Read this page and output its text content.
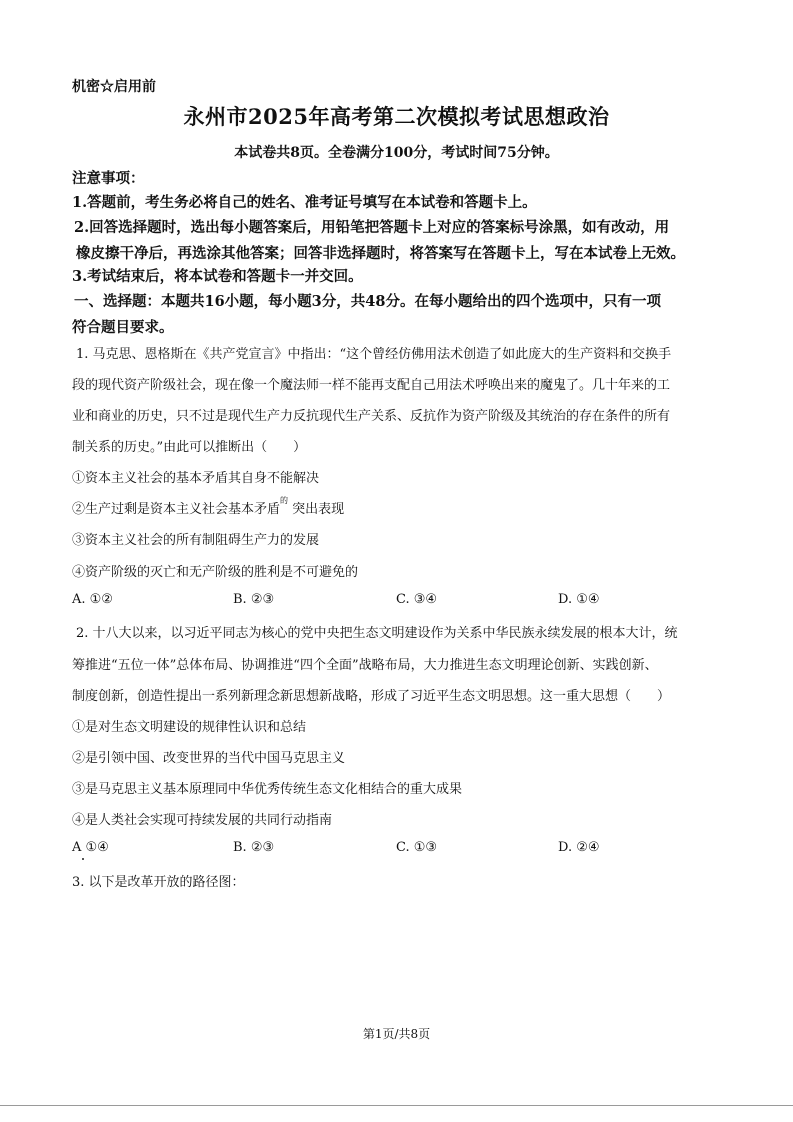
机密☆启用前
永州市2025年高考第二次模拟考试思想政治
本试卷共8页。全卷满分100分，考试时间75分钟。
注意事项：
1.答题前，考生务必将自己的姓名、准考证号填写在本试卷和答题卡上。
2.回答选择题时，选出每小题答案后，用铅笔把答题卡上对应的答案标号涂黑，如有改动，用
橡皮擦干净后，再选涂其他答案；回答非选择题时，将答案写在答题卡上，写在本试卷上无效。
3.考试结束后，将本试卷和答题卡一并交回。
一、选择题：本题共16小题，每小题3分，共48分。在每小题给出的四个选项中，只有一项
符合题目要求。
1. 马克思、恩格斯在《共产党宣言》中指出：“这个曾经仿佛用法术创造了如此庞大的生产资料和交换手
段的现代资产阶级社会，现在像一个魔法师一样不能再支配自己用法术呼唤出来的魔鬼了。几十年来的工
业和商业的历史，只不过是现代生产力反抗现代生产关系、反抗作为资产阶级及其统治的存在条件的所有
制关系的历史。”由此可以推断出（　　）
①资本主义社会的基本矛盾其自身不能解决
②生产过剩是资本主义社会基本矛盾$^的$ 突出表现
③资本主义社会的所有制阻碍生产力的发展
④资产阶级的灭亡和无产阶级的胜利是不可避免的
A. ①②	B. ②③	C. ③④	D. ①④
2. 十八大以来，以习近平同志为核心的党中央把生态文明建设作为关系中华民族永续发展的根本大计，统
筹推进“五位一体”总体布局、协调推进“四个全面”战略布局，大力推进生态文明理论创新、实践创新、
制度创新，创造性提出一系列新理念新思想新战略，形成了习近平生态文明思想。这一重大思想（　　）
①是对生态文明建设的规律性认识和总结
②是引领中国、改变世界的当代中国马克思主义
③是马克思主义基本原理同中华优秀传统生态文化相结合的重大成果
④是人类社会实现可持续发展的共同行动指南
A ①④	B. ②③	C. ①③	D. ②④
3. 以下是改革开放的路径图：
第1页/共8页
